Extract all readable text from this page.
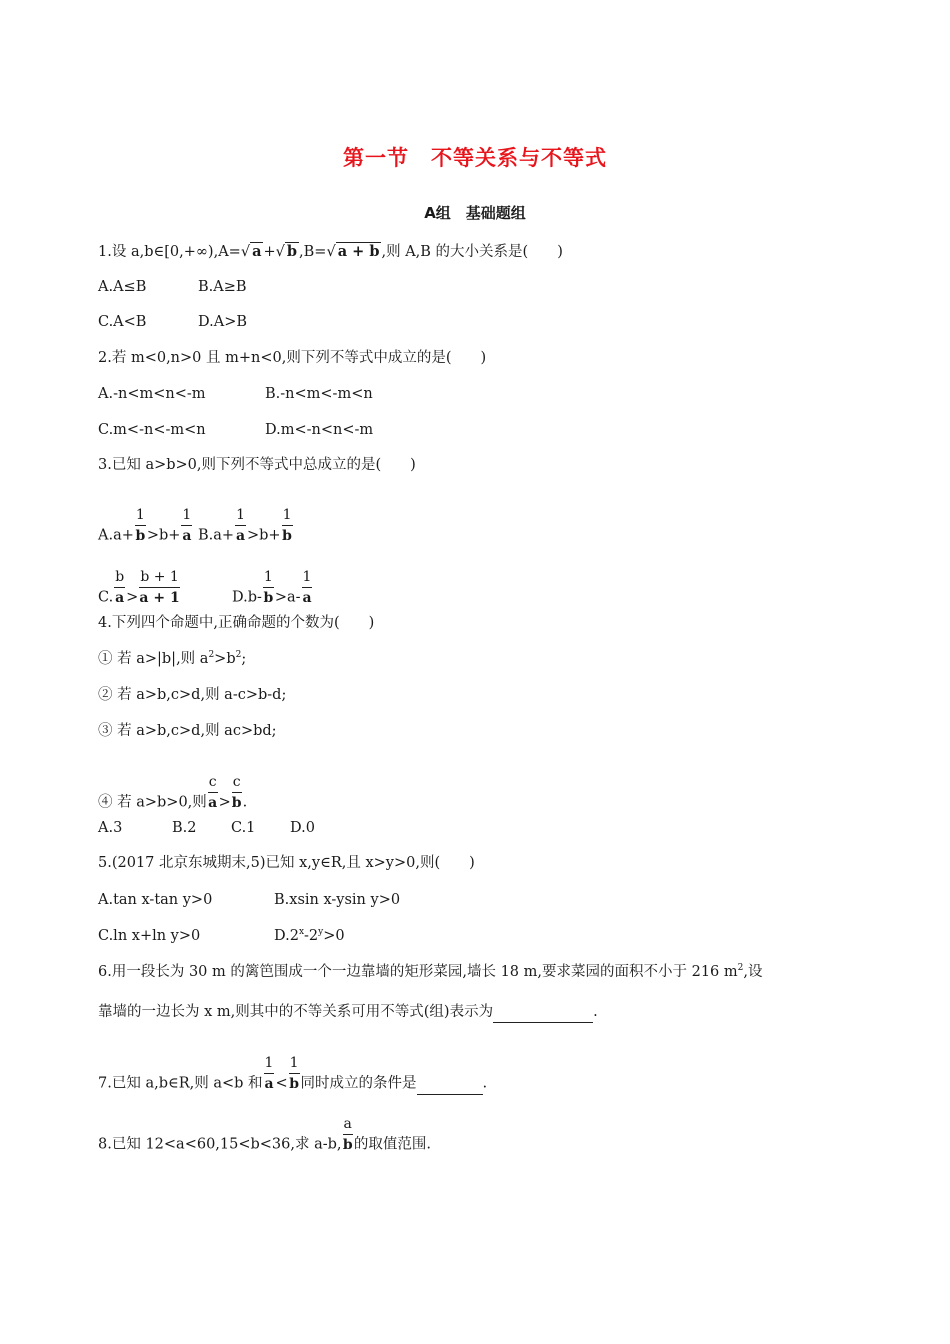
第一节　不等关系与不等式
A组　基础题组
1.设 a,b∈[0,+∞),A=√ a +√ b ,B=√ a + b ,则 A,B 的大小关系是(　　)
A.A≤B	B.A≥B
C.A<B	D.A>B
2.若 m<0,n>0 且 m+n<0,则下列不等式中成立的是(　　)
A.-n<m<n<-m	B.-n<m<-m<n
C.m<-n<-m<n	D.m<-n<n<-m
3.已知 a>b>0,则下列不等式中总成立的是(　　)
$A.a+ \frac{1}{b} >b+ \frac{1}{a} B.a+ \frac{1}{a} >b+ \frac{1}{b}$
C. $\frac{b}{a} > \frac{b + 1}{a + 1}$	$D.b- \frac{1}{b} >a- \frac{1}{a}$
4.下列四个命题中,正确命题的个数为(　　)
① 若 a>|b|,则 $a^2>b^2$;
② 若 a>b,c>d,则 a-c>b-d;
③ 若 a>b,c>d,则 ac>bd;
④ 若 a>b>0,则 $\frac{c}{a} > \frac{c}{b}$ .
A.3	B.2 C.1 D.0
5.(2017 北京东城期末,5)已知 x,y∈R,且 x>y>0,则(　　)
A.tan x-tan y>0	B.xsin x-ysin y>0
C.ln x+ln y>0	$D.2^x-2^y>0$
6.用一段长为 30 m 的篱笆围成一个一边靠墙的矩形菜园,墙长 18 m,要求菜园的面积不小于 216 $m^2$,设
靠墙的一边长为 x m,则其中的不等关系可用不等式(组)表示为	.
7.已知 a,b∈R,则 a<b 和 $\frac{1}{a} < \frac{1}{b}$ 同时成立的条件是	.
8.已知 12<a<60,15<b<36,求 a-b, $\frac{a}{b}$ 的取值范围.
